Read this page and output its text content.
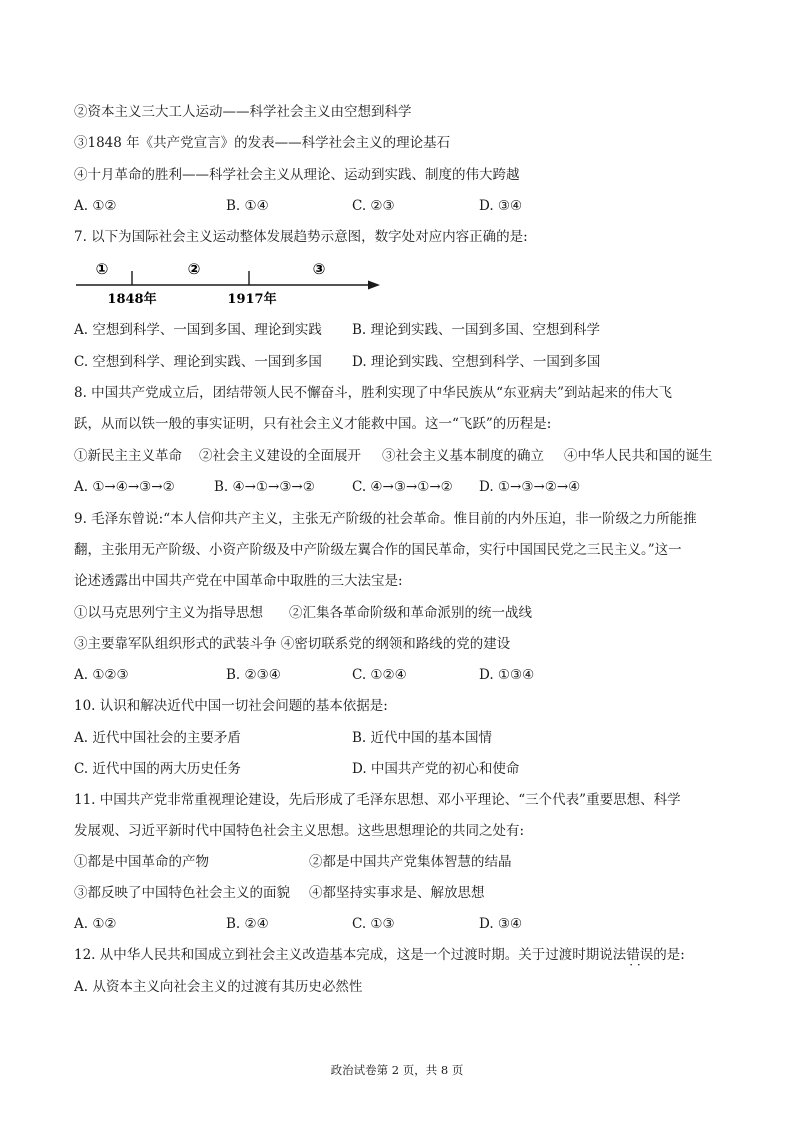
②资本主义三大工人运动——科学社会主义由空想到科学
③1848 年《共产党宣言》的发表——科学社会主义的理论基石
④十月革命的胜利——科学社会主义从理论、运动到实践、制度的伟大跨越
A. ①②	B. ①④	C. ②③	D. ③④
7. 以下为国际社会主义运动整体发展趋势示意图，数字处对应内容正确的是:
①	②	③
1848年	1917年
A. 空想到科学、一国到多国、理论到实践 B. 理论到实践、一国到多国、空想到科学
C. 空想到科学、理论到实践、一国到多国 D. 理论到实践、空想到科学、一国到多国
8. 中国共产党成立后，团结带领人民不懈奋斗，胜利实现了中华民族从“东亚病夫”到站起来的伟大飞
跃，从而以铁一般的事实证明，只有社会主义才能救中国。这一“飞跃”的历程是:
①新民主主义革命 ②社会主义建设的全面展开 ③社会主义基本制度的确立 ④中华人民共和国的诞生
A. ①→④→③→②	B. ④→①→③→②	C. ④→③→①→② D. ①→③→②→④
9. 毛泽东曾说:“本人信仰共产主义，主张无产阶级的社会革命。惟目前的内外压迫，非一阶级之力所能推
翻，主张用无产阶级、小资产阶级及中产阶级左翼合作的国民革命，实行中国国民党之三民主义。”这一
论述透露出中国共产党在中国革命中取胜的三大法宝是:
①以马克思列宁主义为指导思想 ②汇集各革命阶级和革命派别的统一战线
③主要靠军队组织形式的武装斗争 ④密切联系党的纲领和路线的党的建设
A. ①②③	B. ②③④	C. ①②④	D. ①③④
10. 认识和解决近代中国一切社会问题的基本依据是:
A. 近代中国社会的主要矛盾	B. 近代中国的基本国情
C. 近代中国的两大历史任务	D. 中国共产党的初心和使命
11. 中国共产党非常重视理论建设，先后形成了毛泽东思想、邓小平理论、“三个代表”重要思想、科学
发展观、习近平新时代中国特色社会主义思想。这些思想理论的共同之处有:
①都是中国革命的产物	②都是中国共产党集体智慧的结晶
③都反映了中国特色社会主义的面貌 ④都坚持实事求是、解放思想
A. ①②	B. ②④	C. ①③	D. ③④
12. 从中华人民共和国成立到社会主义改造基本完成，这是一个过渡时期。关于过渡时期说法错误 · ·的是:
A. 从资本主义向社会主义的过渡有其历史必然性
政治试卷第 2 页，共 8 页
